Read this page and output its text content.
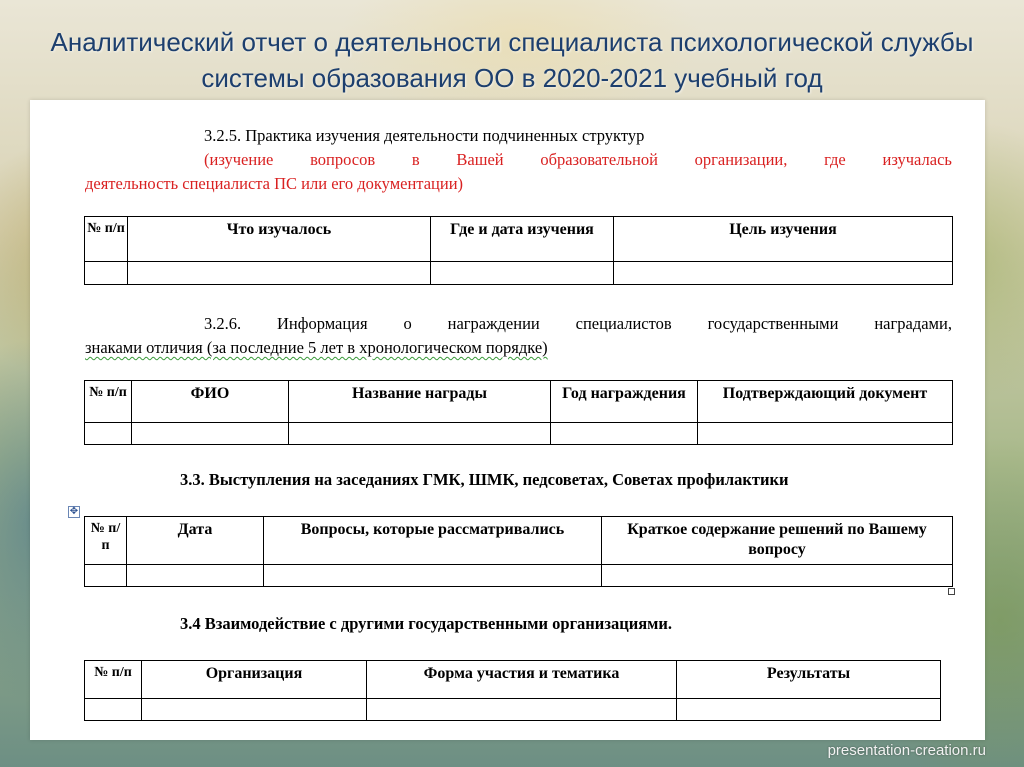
Аналитический отчет о деятельности специалиста психологической службы
системы образования ОО в 2020-2021 учебный год
3.2.5. Практика изучения деятельности подчиненных структур
(изучение вопросов в Вашей образовательной организации, где изучалась
деятельность специалиста ПС или его документации)
№ п/п	Что изучалось	Где и дата изучения	Цель изучения

3.2.6. Информация о награждении специалистов государственными наградами,
знаками отличия (за последние 5 лет в хронологическом порядке)
№ п/п	ФИО	Название награды	Год награждения	Подтверждающий документ

3.3. Выступления на заседаниях ГМК, ШМК, педсоветах, Советах профилактики
№ п/п	Дата	Вопросы, которые рассматривались	Краткое содержание решений по Вашему вопросу

3.4 Взаимодействие с другими государственными организациями.
№ п/п	Организация	Форма участия и тематика	Результаты

✥
presentation-creation.ru
